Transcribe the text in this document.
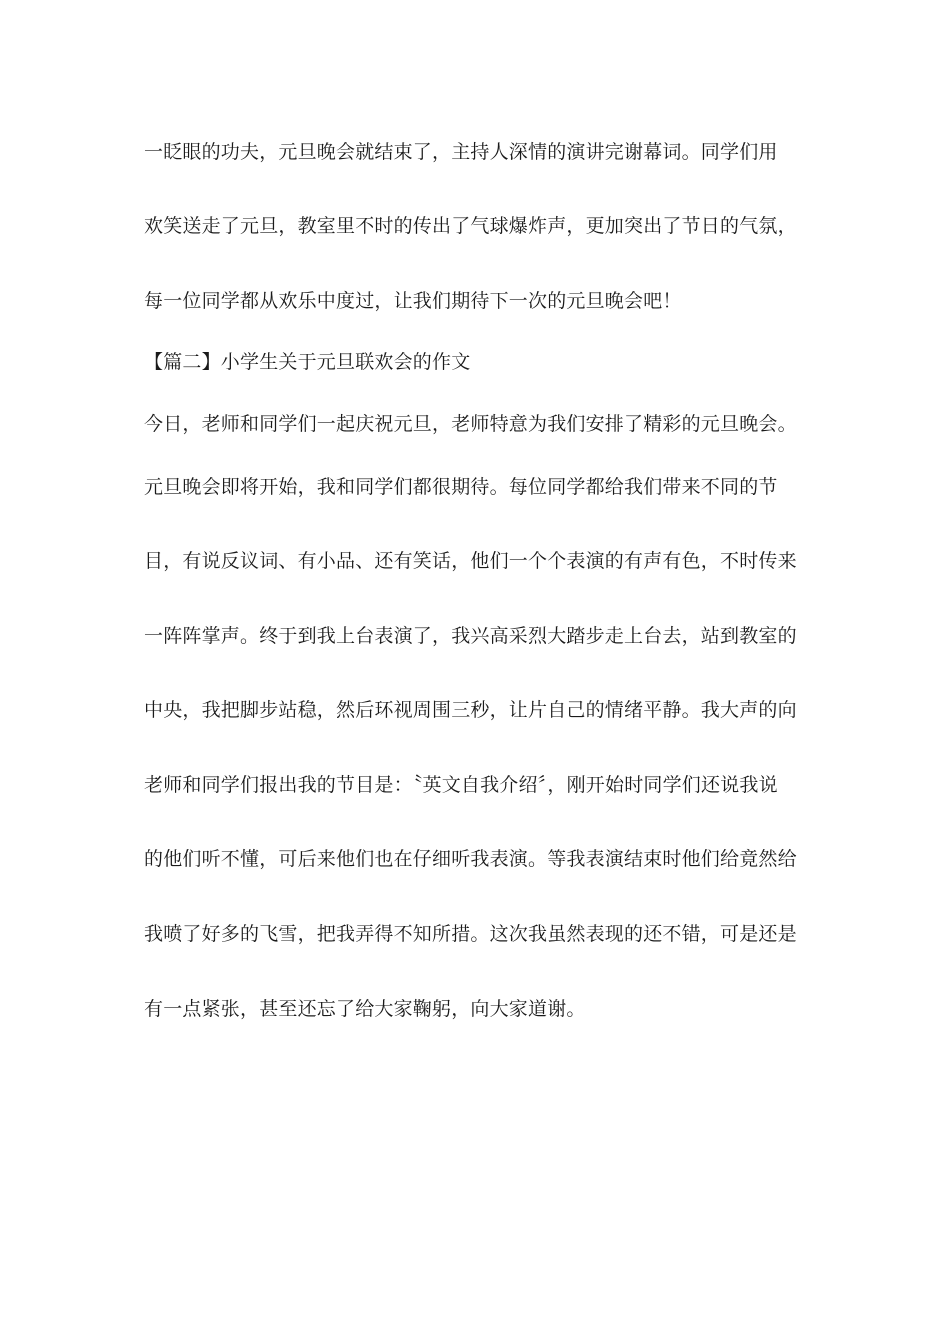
一眨眼的功夫，元旦晚会就结束了，主持人深情的演讲完谢幕词。同学们用
欢笑送走了元旦，教室里不时的传出了气球爆炸声，更加突出了节日的气氛，
每一位同学都从欢乐中度过，让我们期待下一次的元旦晚会吧！
【篇二】小学生关于元旦联欢会的作文
今日，老师和同学们一起庆祝元旦，老师特意为我们安排了精彩的元旦晚会。
元旦晚会即将开始，我和同学们都很期待。每位同学都给我们带来不同的节
目，有说反议词、有小品、还有笑话，他们一个个表演的有声有色，不时传来
一阵阵掌声。终于到我上台表演了，我兴高采烈大踏步走上台去，站到教室的
中央，我把脚步站稳，然后环视周围三秒，让片自己的情绪平静。我大声的向
老师和同学们报出我的节目是：〝英文自我介绍〞，刚开始时同学们还说我说
的他们听不懂，可后来他们也在仔细听我表演。等我表演结束时他们给竟然给
我喷了好多的飞雪，把我弄得不知所措。这次我虽然表现的还不错，可是还是
有一点紧张，甚至还忘了给大家鞠躬，向大家道谢。
